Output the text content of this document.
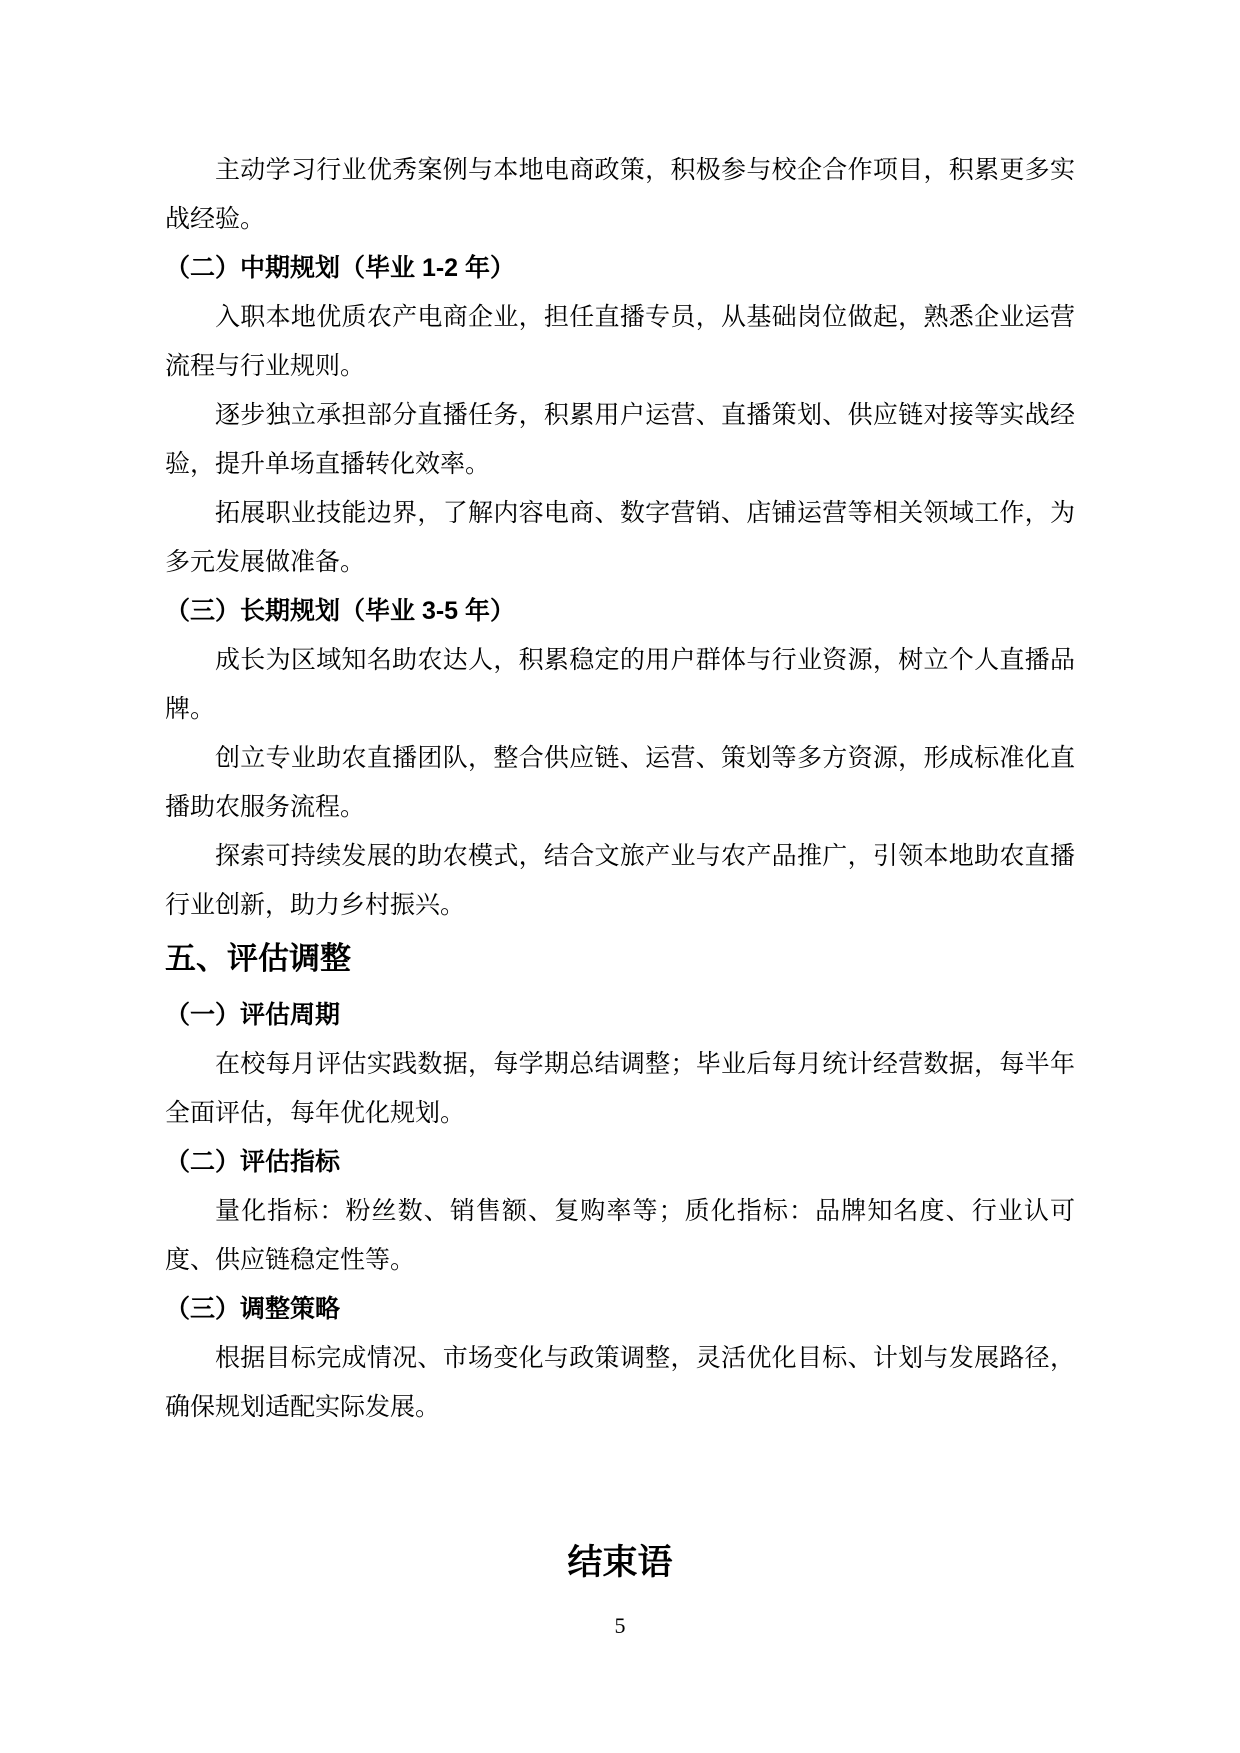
主动学习行业优秀案例与本地电商政策，积极参与校企合作项目，积累更多实战经验。

（二）中期规划（毕业 1-2 年）

入职本地优质农产电商企业，担任直播专员，从基础岗位做起，熟悉企业运营流程与行业规则。

逐步独立承担部分直播任务，积累用户运营、直播策划、供应链对接等实战经验，提升单场直播转化效率。

拓展职业技能边界，了解内容电商、数字营销、店铺运营等相关领域工作，为多元发展做准备。

（三）长期规划（毕业 3-5 年）

成长为区域知名助农达人，积累稳定的用户群体与行业资源，树立个人直播品牌。

创立专业助农直播团队，整合供应链、运营、策划等多方资源，形成标准化直播助农服务流程。

探索可持续发展的助农模式，结合文旅产业与农产品推广，引领本地助农直播行业创新，助力乡村振兴。

五、评估调整
（一）评估周期

在校每月评估实践数据，每学期总结调整；毕业后每月统计经营数据，每半年全面评估，每年优化规划。

（二）评估指标

量化指标：粉丝数、销售额、复购率等；质化指标：品牌知名度、行业认可度、供应链稳定性等。

（三）调整策略

根据目标完成情况、市场变化与政策调整，灵活优化目标、计划与发展路径，确保规划适配实际发展。

结束语
5
